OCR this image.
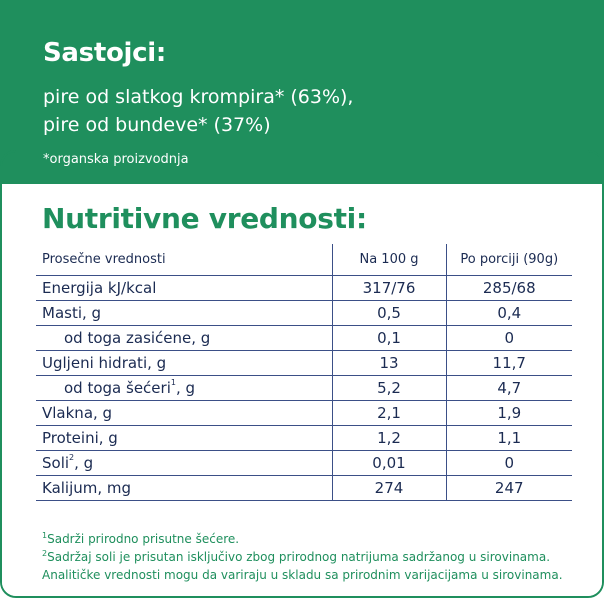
Sastojci:
pire od slatkog krompira* (63%),
pire od bundeve* (37%)
*organska proizvodnja
Nutritivne vrednosti:
Prosečne vrednosti	Na 100 g	Po porciji (90g)
Energija kJ/kcal	317/76	285/68
Masti, g	0,5	0,4
od toga zasićene, g	0,1	0
Ugljeni hidrati, g	13	11,7
od toga šećeri$^1$, g	5,2	4,7
Vlakna, g	2,1	1,9
Proteini, g	1,2	1,1
Soli$^2$, g	0,01	0
Kalijum, mg	274	247
$^1$Sadrži prirodno prisutne šećere.
$^2$Sadržaj soli je prisutan isključivo zbog prirodnog natrijuma sadržanog u sirovinama.
Analitičke vrednosti mogu da variraju u skladu sa prirodnim varijacijama u sirovinama.
